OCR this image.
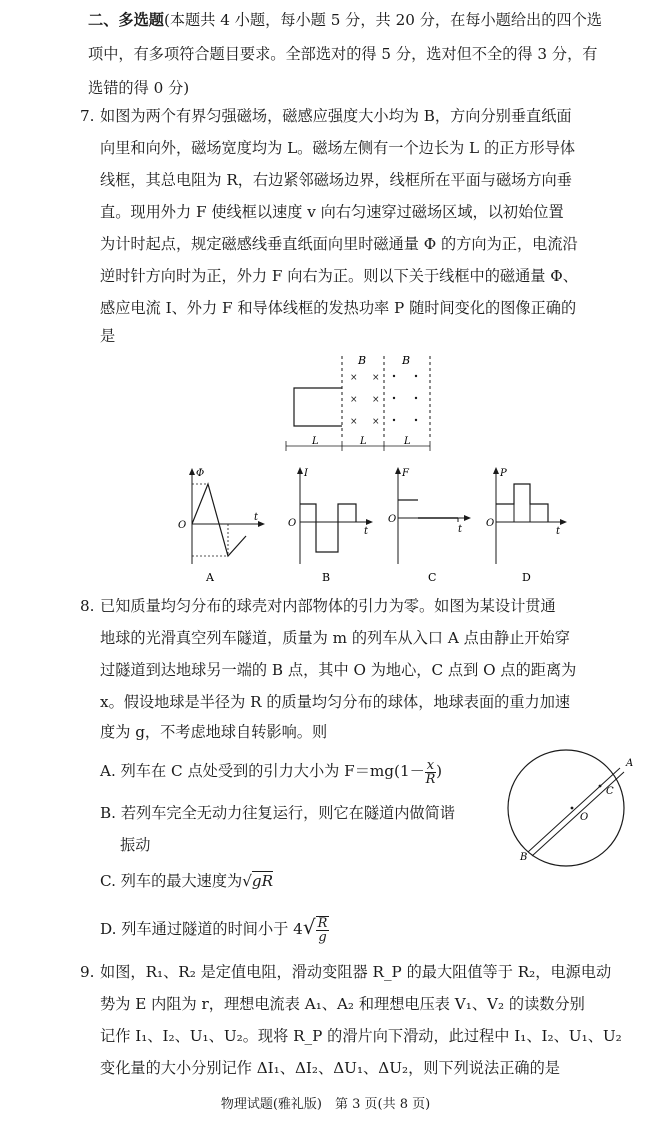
二、多选题(本题共 4 小题，每小题 5 分，共 20 分，在每小题给出的四个选
项中，有多项符合题目要求。全部选对的得 5 分，选对但不全的得 3 分，有
选错的得 0 分)
7. 如图为两个有界匀强磁场，磁感应强度大小均为 B，方向分别垂直纸面
向里和向外，磁场宽度均为 L。磁场左侧有一个边长为 L 的正方形导体
线框，其总电阻为 R，右边紧邻磁场边界，线框所在平面与磁场方向垂
直。现用外力 F 使线框以速度 v 向右匀速穿过磁场区域，以初始位置
为计时起点，规定磁感线垂直纸面向里时磁通量 Φ 的方向为正，电流沿
逆时针方向时为正，外力 F 向右为正。则以下关于线框中的磁通量 Φ、
感应电流 I、外力 F 和导体线框的发热功率 P 随时间变化的图像正确的
是
B	B
× ×
× ×
× ×
L	L	L
Φ
t
O
A
I
t
O
B
F
t
O
C
P
t
O
D
8. 已知质量均匀分布的球壳对内部物体的引力为零。如图为某设计贯通
地球的光滑真空列车隧道，质量为 m 的列车从入口 A 点由静止开始穿
过隧道到达地球另一端的 B 点，其中 O 为地心，C 点到 O 点的距离为
x。假设地球是半径为 R 的质量均匀分布的球体，地球表面的重力加速
度为 g，不考虑地球自转影响。则
A. 列车在 C 点处受到的引力大小为 $F=mg(1- \frac{x}{R}$ )
B. 若列车完全无动力往复运行，则它在隧道内做简谐
振动
C. 列车的最大速度为√gR
D. 列车通过隧道的时间小于 $4√ \frac{R}{g}$
A
B
C
O
9. 如图，R₁、R₂ 是定值电阻，滑动变阻器 R_P 的最大阻值等于 R₂，电源电动
势为 E 内阻为 r，理想电流表 A₁、A₂ 和理想电压表 V₁、V₂ 的读数分别
记作 I₁、I₂、U₁、U₂。现将 R_P 的滑片向下滑动，此过程中 I₁、I₂、U₁、U₂
变化量的大小分别记作 ΔI₁、ΔI₂、ΔU₁、ΔU₂，则下列说法正确的是
物理试题(雅礼版)　第 3 页(共 8 页)
